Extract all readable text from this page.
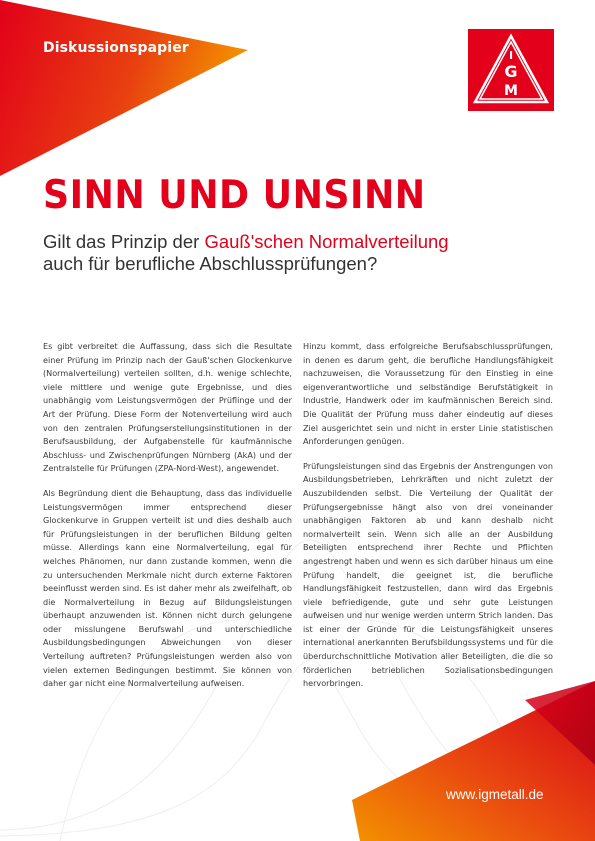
Diskussionspapier	I
G
M
SINN UND UNSINN
Gilt das Prinzip der Gauß'schen Normalverteilung
auch für berufliche Abschlussprüfungen?

Es gibt verbreitet die Auffassung, dass sich die Resultate einer Prüfung im Prinzip nach der Gauß'schen Glockenkurve (Normalverteilung) verteilen sollten, d.h. wenige schlechte, viele mittlere und wenige gute Ergebnisse, und dies unabhängig vom Leistungsvermögen der Prüflinge und der Art der Prüfung. Diese Form der Notenverteilung wird auch von den zentralen Prüfungserstellungsinstitutionen in der Berufsausbildung, der Aufgabenstelle für kaufmännische Abschluss- und Zwischenprüfungen Nürnberg (AkA) und der Zentralstelle für Prüfungen (ZPA-Nord-West), angewendet.

Als Begründung dient die Behauptung, dass das individuelle Leistungsvermögen immer entsprechend dieser Glockenkurve in Gruppen verteilt ist und dies deshalb auch für Prüfungsleistungen in der beruflichen Bildung gelten müsse. Allerdings kann eine Normalverteilung, egal für welches Phänomen, nur dann zustande kommen, wenn die zu untersuchenden Merkmale nicht durch externe Faktoren beeinflusst werden sind. Es ist daher mehr als zweifelhaft, ob die Normalverteilung in Bezug auf Bildungsleistungen überhaupt anzuwenden ist. Können nicht durch gelungene oder misslungene Berufswahl und unterschiedliche Ausbildungsbedingungen Abweichungen von dieser Verteilung auftreten? Prüfungsleistungen werden also von vielen externen Bedingungen bestimmt. Sie können von daher gar nicht eine Normalverteilung aufweisen.

Hinzu kommt, dass erfolgreiche Berufsabschlussprüfungen, in denen es darum geht, die berufliche Handlungsfähigkeit nachzuweisen, die Voraussetzung für den Einstieg in eine eigenverantwortliche und selbständige Berufstätigkeit in Industrie, Handwerk oder im kaufmännischen Bereich sind. Die Qualität der Prüfung muss daher eindeutig auf dieses Ziel ausgerichtet sein und nicht in erster Linie statistischen Anforderungen genügen.

Prüfungsleistungen sind das Ergebnis der Anstrengungen von Ausbildungsbetrieben, Lehrkräften und nicht zuletzt der Auszubildenden selbst. Die Verteilung der Qualität der Prüfungsergebnisse hängt also von drei voneinander unabhängigen Faktoren ab und kann deshalb nicht normalverteilt sein. Wenn sich alle an der Ausbildung Beteiligten entsprechend ihrer Rechte und Pflichten angestrengt haben und wenn es sich darüber hinaus um eine Prüfung handelt, die geeignet ist, die berufliche Handlungsfähigkeit festzustellen, dann wird das Ergebnis viele befriedigende, gute und sehr gute Leistungen aufweisen und nur wenige werden unterm Strich landen. Das ist einer der Gründe für die Leistungsfähigkeit unseres international anerkannten Berufsbildungssystems und für die überdurchschnittliche Motivation aller Beteiligten, die die so förderlichen betrieblichen Sozialisationsbedingungen hervorbringen.

www.igmetall.de
